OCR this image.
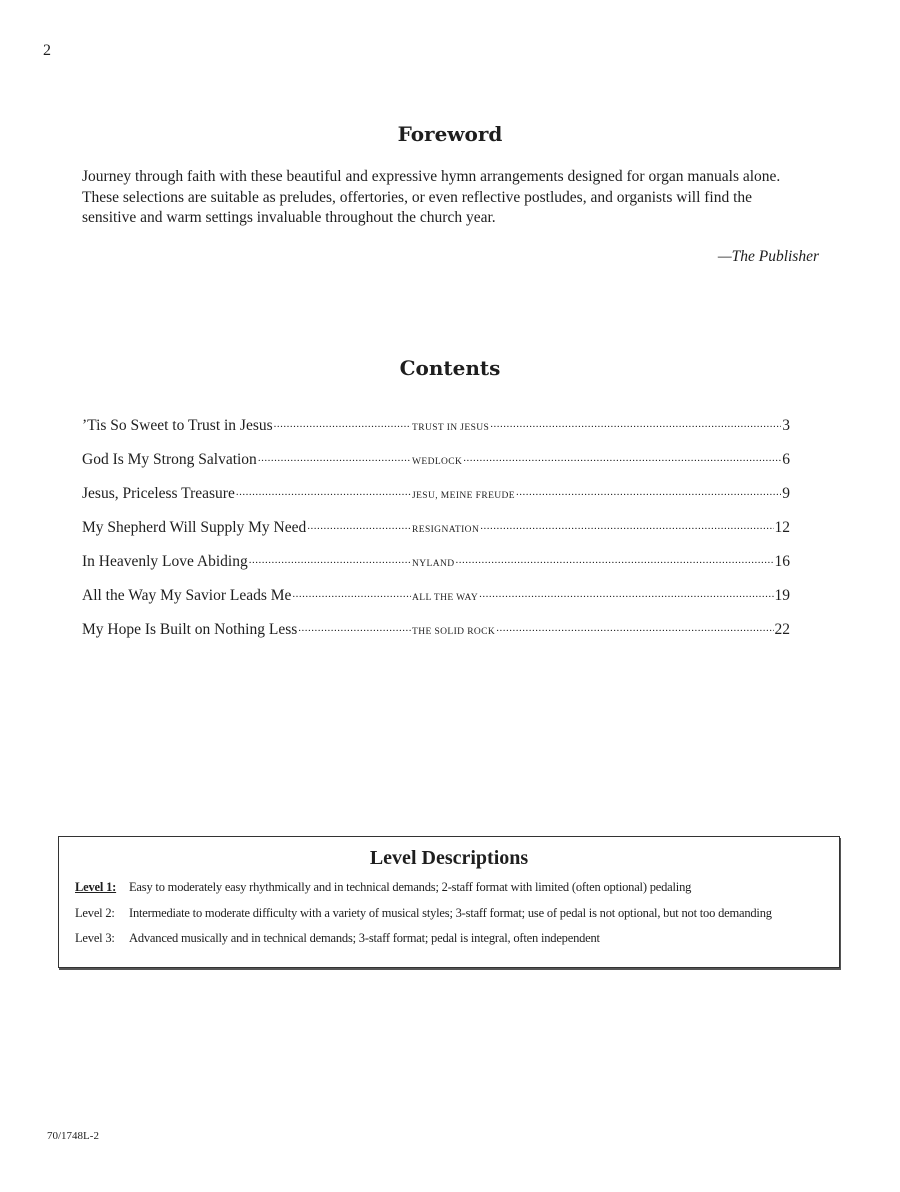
2
Foreword

Journey through faith with these beautiful and expressive hymn arrangements designed for organ manuals alone. These selections are suitable as preludes, offertories, or even reflective postludes, and organists will find the sensitive and warm settings invaluable throughout the church year.

—The Publisher
Contents
’Tis So Sweet to Trust in Jesus .....	TRUST IN JESUS .....	3
God Is My Strong Salvation .....	WEDLOCK .....	6
Jesus, Priceless Treasure .....	JESU, MEINE FREUDE .....	9
My Shepherd Will Supply My Need .....	RESIGNATION .....	12
In Heavenly Love Abiding .....	NYLAND .....	16
All the Way My Savior Leads Me .....	ALL THE WAY .....	19
My Hope Is Built on Nothing Less .....	THE SOLID ROCK .....	22
Level Descriptions
Level 1:	Easy to moderately easy rhythmically and in technical demands; 2-staff format with limited (often optional) pedaling
Level 2:	Intermediate to moderate difficulty with a variety of musical styles; 3-staff format; use of pedal is not optional, but not too demanding
Level 3:	Advanced musically and in technical demands; 3-staff format; pedal is integral, often independent
70/1748L-2
